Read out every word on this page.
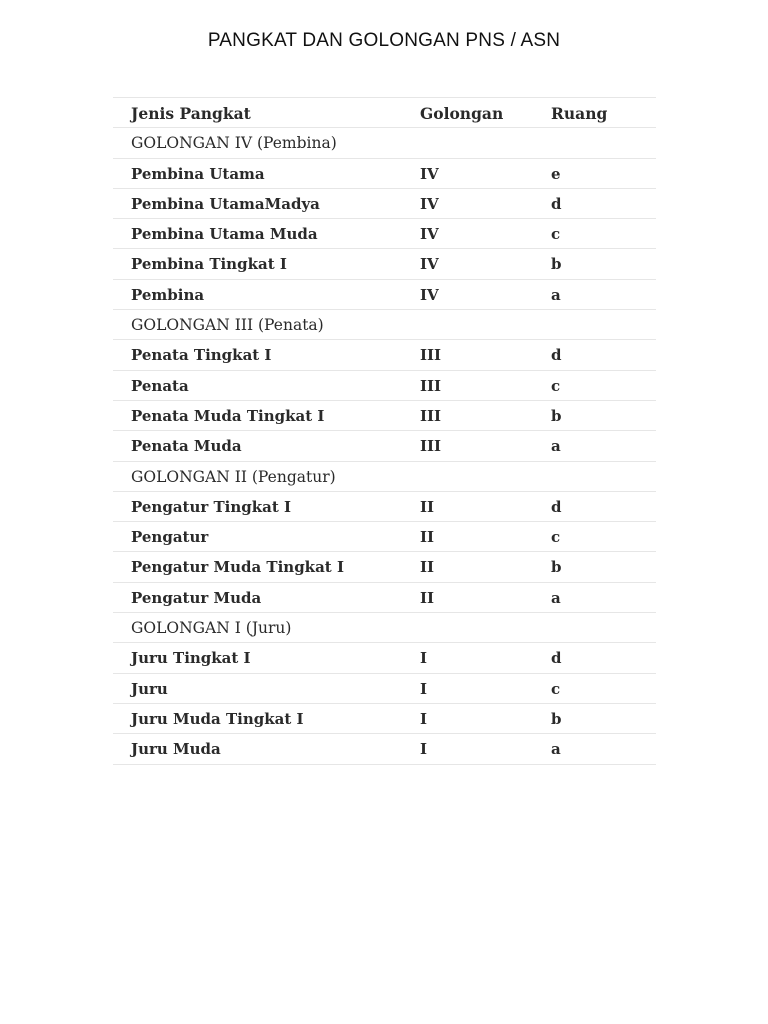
PANGKAT DAN GOLONGAN PNS / ASN
Jenis Pangkat	Golongan	Ruang
GOLONGAN IV (Pembina)
Pembina Utama	IV	e
Pembina UtamaMadya	IV	d
Pembina Utama Muda	IV	c
Pembina Tingkat I	IV	b
Pembina	IV	a
GOLONGAN III (Penata)
Penata Tingkat I	III	d
Penata	III	c
Penata Muda Tingkat I	III	b
Penata Muda	III	a
GOLONGAN II (Pengatur)
Pengatur Tingkat I	II	d
Pengatur	II	c
Pengatur Muda Tingkat I	II	b
Pengatur Muda	II	a
GOLONGAN I (Juru)
Juru Tingkat I	I	d
Juru	I	c
Juru Muda Tingkat I	I	b
Juru Muda	I	a
